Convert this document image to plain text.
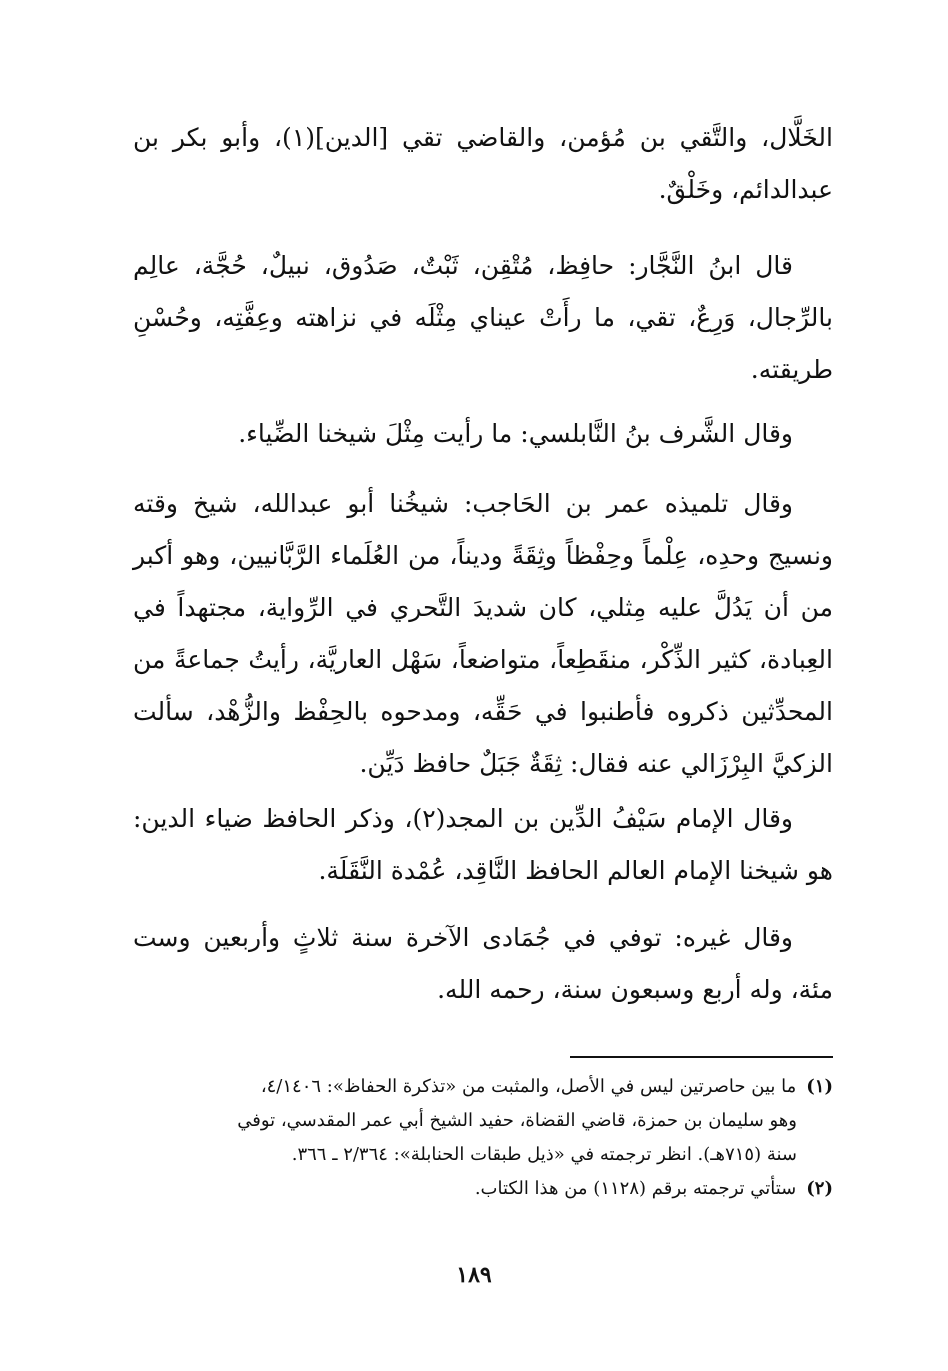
الخَلَّال، والتَّقي بن مُؤمن، والقاضي تقي [الدين](١)، وأبو بكر بن عبدالدائم، وخَلْقٌ.

قال ابنُ النَّجَّار: حافِظ، مُتْقِن، ثَبْتٌ، صَدُوق، نبيلٌ، حُجَّة، عالِم بالرِّجال، وَرِعٌ، تقي، ما رأَتْ عيناي مِثْلَه في نزاهته وعِفَّتِه، وحُسْنِ طريقته.

وقال الشَّرف بنُ النَّابلسي: ما رأيت مِثْلَ شيخنا الضِّياء.

وقال تلميذه عمر بن الحَاجب: شيخُنا أبو عبدالله، شيخ وقته ونسيج وحدِه، عِلْماً وحِفْظاً وثِقَةً وديناً، من العُلَماء الرَّبَّانيين، وهو أكبر من أن يَدُلَّ عليه مِثلي، كان شديدَ التَّحري في الرِّواية، مجتهداً في العِبادة، كثير الذِّكْر، منقَطِعاً، متواضعاً، سَهْل العاريَّة، رأيتُ جماعةً من المحدِّثين ذكروه فأطنبوا في حَقِّه، ومدحوه بالحِفْظ والزُّهْد، سألت الزكيَّ البِرْزَالي عنه فقال: ثِقَةٌ جَبَلٌ حافظ دَيِّن.

وقال الإمام سَيْفُ الدِّين بن المجد(٢)، وذكر الحافظ ضياء الدين: هو شيخنا الإمام العالم الحافظ النَّاقِد، عُمْدة النَّقَلَة.

وقال غيره: توفي في جُمَادى الآخرة سنة ثلاثٍ وأربعين وست مئة، وله أربع وسبعون سنة، رحمه الله.

(١)ما بين حاصرتين ليس في الأصل، والمثبت من «تذكرة الحفاظ»: ٤/١٤٠٦،

وهو سليمان بن حمزة، قاضي القضاة، حفيد الشيخ أبي عمر المقدسي، توفي

سنة (٧١٥هـ). انظر ترجمته في «ذيل طبقات الحنابلة»: ٢/٣٦٤ ـ ٣٦٦.

(٢)ستأتي ترجمته برقم (١١٢٨) من هذا الكتاب.

١٨٩
